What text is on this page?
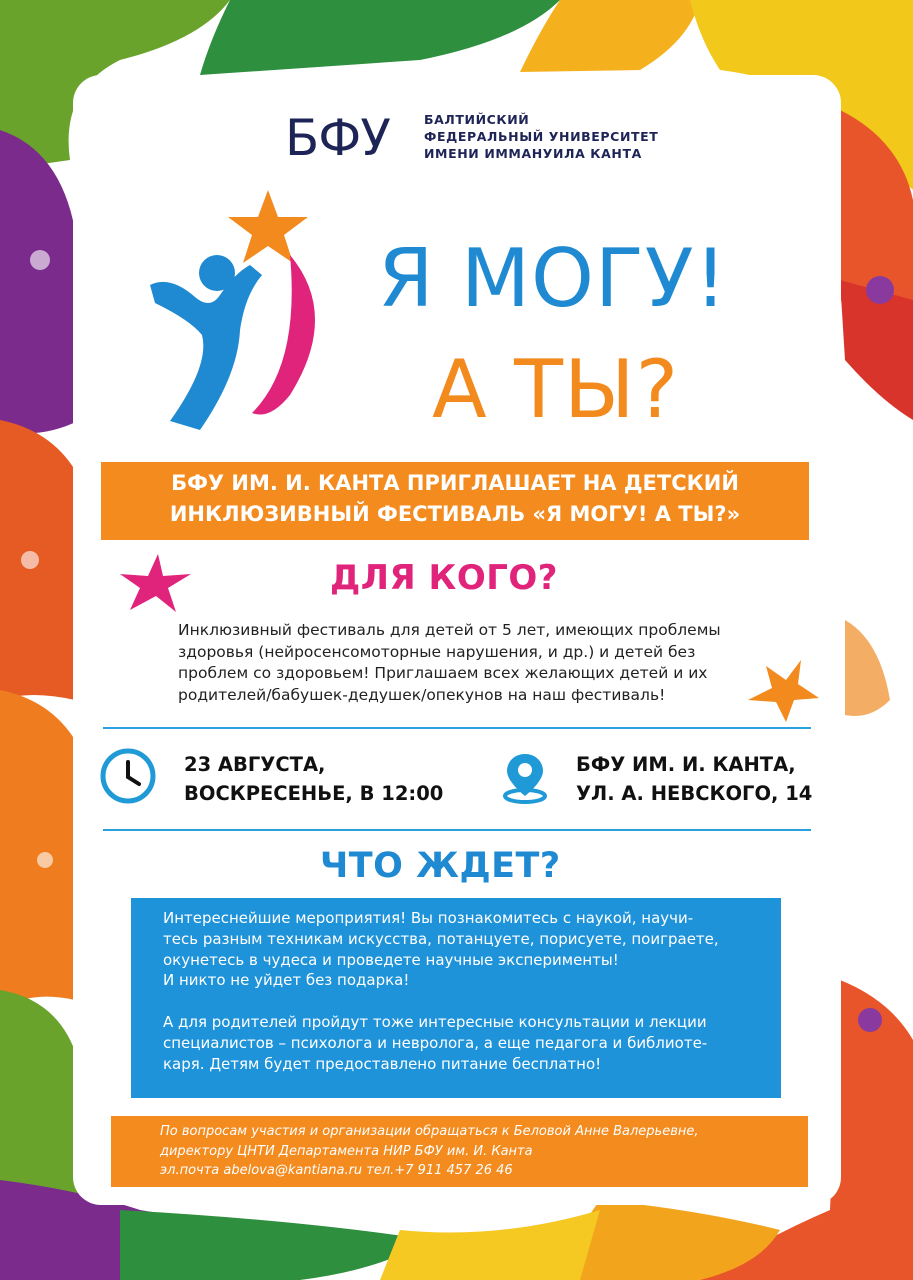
БФУ	БАЛТИЙСКИЙ
ФЕДЕРАЛЬНЫЙ УНИВЕРСИТЕТ
ИМЕНИ ИММАНУИЛА КАНТА
Я МОГУ!
А ТЫ?
БФУ ИМ. И. КАНТА ПРИГЛАШАЕТ НА ДЕТСКИЙ
ИНКЛЮЗИВНЫЙ ФЕСТИВАЛЬ «Я МОГУ! А ТЫ?»
ДЛЯ КОГО?
Инклюзивный фестиваль для детей от 5 лет, имеющих проблемы
здоровья (нейросенсомоторные нарушения, и др.) и детей без
проблем со здоровьем! Приглашаем всех желающих детей и их
родителей/бабушек-дедушек/опекунов на наш фестиваль!
23 АВГУСТА,
ВОСКРЕСЕНЬЕ, В 12:00
БФУ ИМ. И. КАНТА,
УЛ. А. НЕВСКОГО, 14
ЧТО ЖДЕТ?
Интереснейшие мероприятия! Вы познакомитесь с наукой, научи-
тесь разным техникам искусства, потанцуете, порисуете, поиграете,
окунетесь в чудеса и проведете научные эксперименты!
И никто не уйдет без подарка!
А для родителей пройдут тоже интересные консультации и лекции
специалистов – психолога и невролога, а еще педагога и библиоте-
каря. Детям будет предоставлено питание бесплатно!
По вопросам участия и организации обращаться к Беловой Анне Валерьевне,
директору ЦНТИ Департамента НИР БФУ им. И. Канта
эл.почта abelova@kantiana.ru тел.+7 911 457 26 46
